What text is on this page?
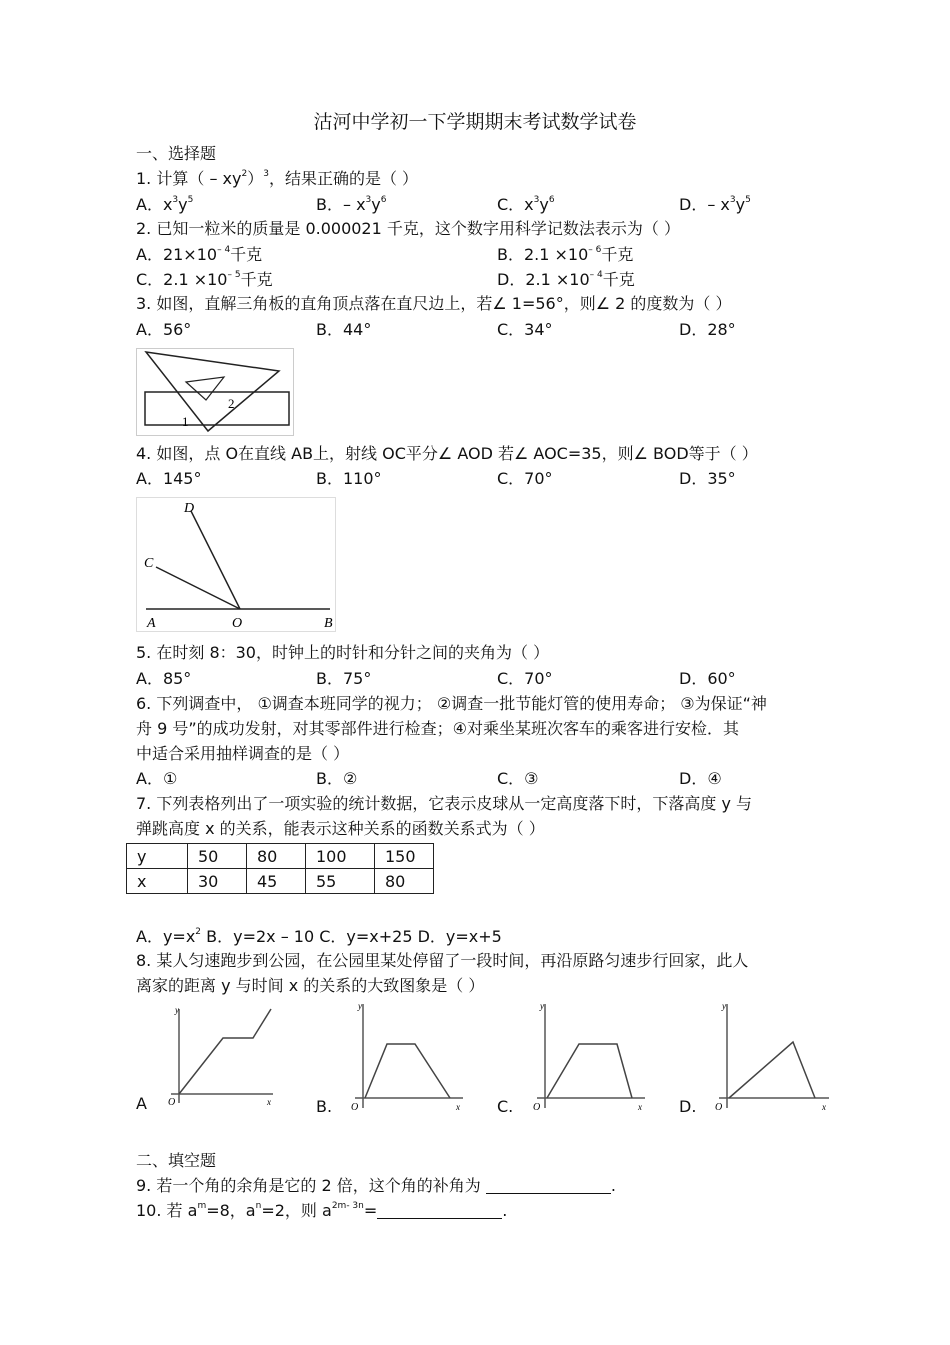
沽河中学初一下学期期末考试数学试卷
一、选择题
1. 计算（ – $xy^2)^3$，结果正确的是（ ）
A．$x^3y^5$	B．– $x^3y^6$	C．$x^3y^6$	D．– $x^3y^5$
2. 已知一粒米的质量是 0.000021 千克，这个数字用科学记数法表示为（ ）
A．$21\times 10^{- 4}$千克	B．$2.1 \times 10^{- 6}$千克
C．$2.1 \times 10^{- 5}$千克	D．$2.1 \times 10^{- 4}$千克
3. 如图，直解三角板的直角顶点落在直尺边上，若∠ 1=56°，则∠ 2 的度数为（ ）
A．56°	B．44°	C．34°	D．28°
1
2
4. 如图，点 O在直线 AB上，射线 OC平分∠ AOD 若∠ AOC=35，则∠ BOD等于（ ）
A．145°	B．110°	C．70°	D．35°
D
C
A	O	B
5. 在时刻 8：30，时钟上的时针和分针之间的夹角为（ ）
A．85°	B．75°	C．70°	D．60°
6. 下列调查中， ①调查本班同学的视力； ②调查一批节能灯管的使用寿命； ③为保证“神
舟 9 号”的成功发射，对其零部件进行检查；④对乘坐某班次客车的乘客进行安检．其
中适合采用抽样调查的是（ ）
A．①	B．②	C．③	D．④
7. 下列表格列出了一项实验的统计数据，它表示皮球从一定高度落下时，下落高度 y 与
弹跳高度 x 的关系，能表示这种关系的函数关系式为（ ）
y	50	80	100	150
x	30	45	55	80
A．$y=x^2$ B．y=2x – 10 C．y=x+25 D．y=x+5
8. 某人匀速跑步到公园，在公园里某处停留了一段时间，再沿原路匀速步行回家，此人
离家的距离 y 与时间 x 的关系的大致图象是（ ）
A O
y
x	B. O
y
x C. O
y
x D. O
y
x
二、填空题
9. 若一个角的余角是它的 2 倍，这个角的补角为	.
10. 若 $a^m=8$，$a^n=2$，则 $a^{2m- 3n}=$	.
